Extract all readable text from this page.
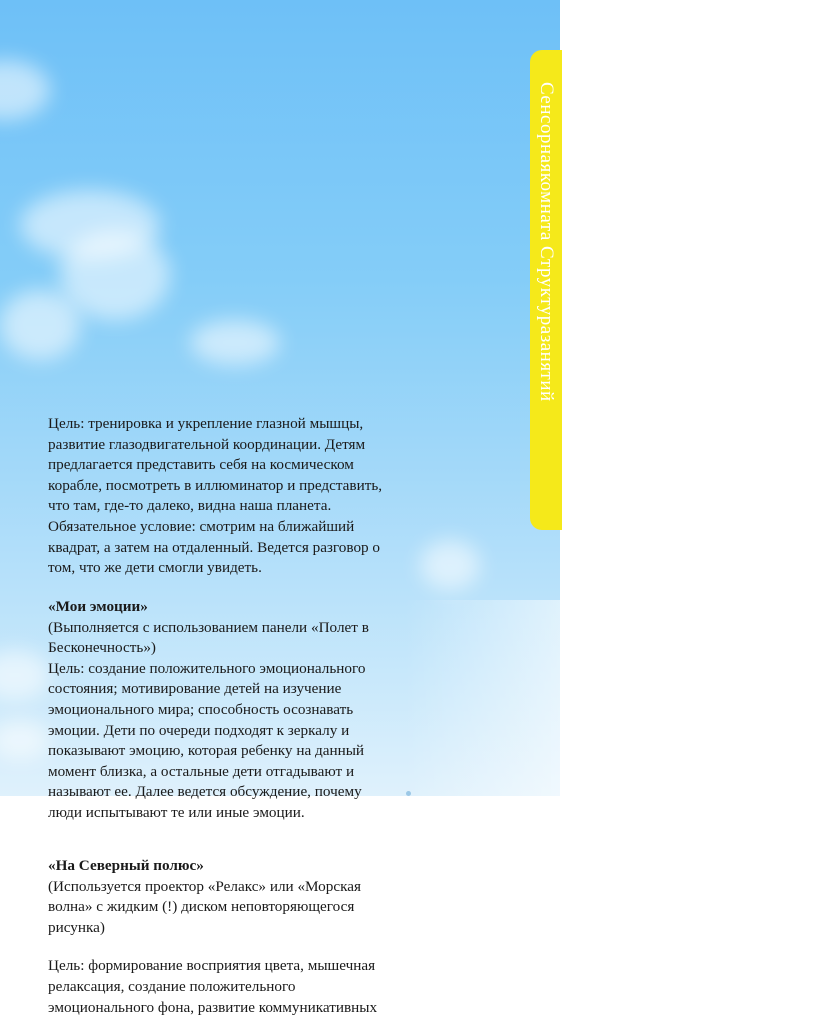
Сенсорнаякомната Структуразанятий

Цель: тренировка и укрепление глазной мышцы,

развитие глазодвигательной координации. Детям

предлагается представить себя на космическом

корабле, посмотреть в иллюминатор и представить,

что там, где-то далеко, видна наша планета.

Обязательное условие: смотрим на ближайший

квадрат, а затем на отдаленный. Ведется разговор о

том, что же дети смогли увидеть.

«Мои эмоции»

(Выполняется с использованием панели «Полет в

Бесконечность»)

Цель: создание положительного эмоционального

состояния; мотивирование детей на изучение

эмоционального мира; способность осознавать

эмоции. Дети по очереди подходят к зеркалу и

показывают эмоцию, которая ребенку на данный

момент близка, а остальные дети отгадывают и

называют ее. Далее ведется обсуждение, почему

люди испытывают те или иные эмоции.

«На Северный полюс»

(Используется проектор «Релакс» или «Морская

волна» с жидким (!) диском неповторяющегося

рисунка)

Цель: формирование восприятия цвета, мышечная

релаксация, создание положительного

эмоционального фона, развитие коммуникативных
